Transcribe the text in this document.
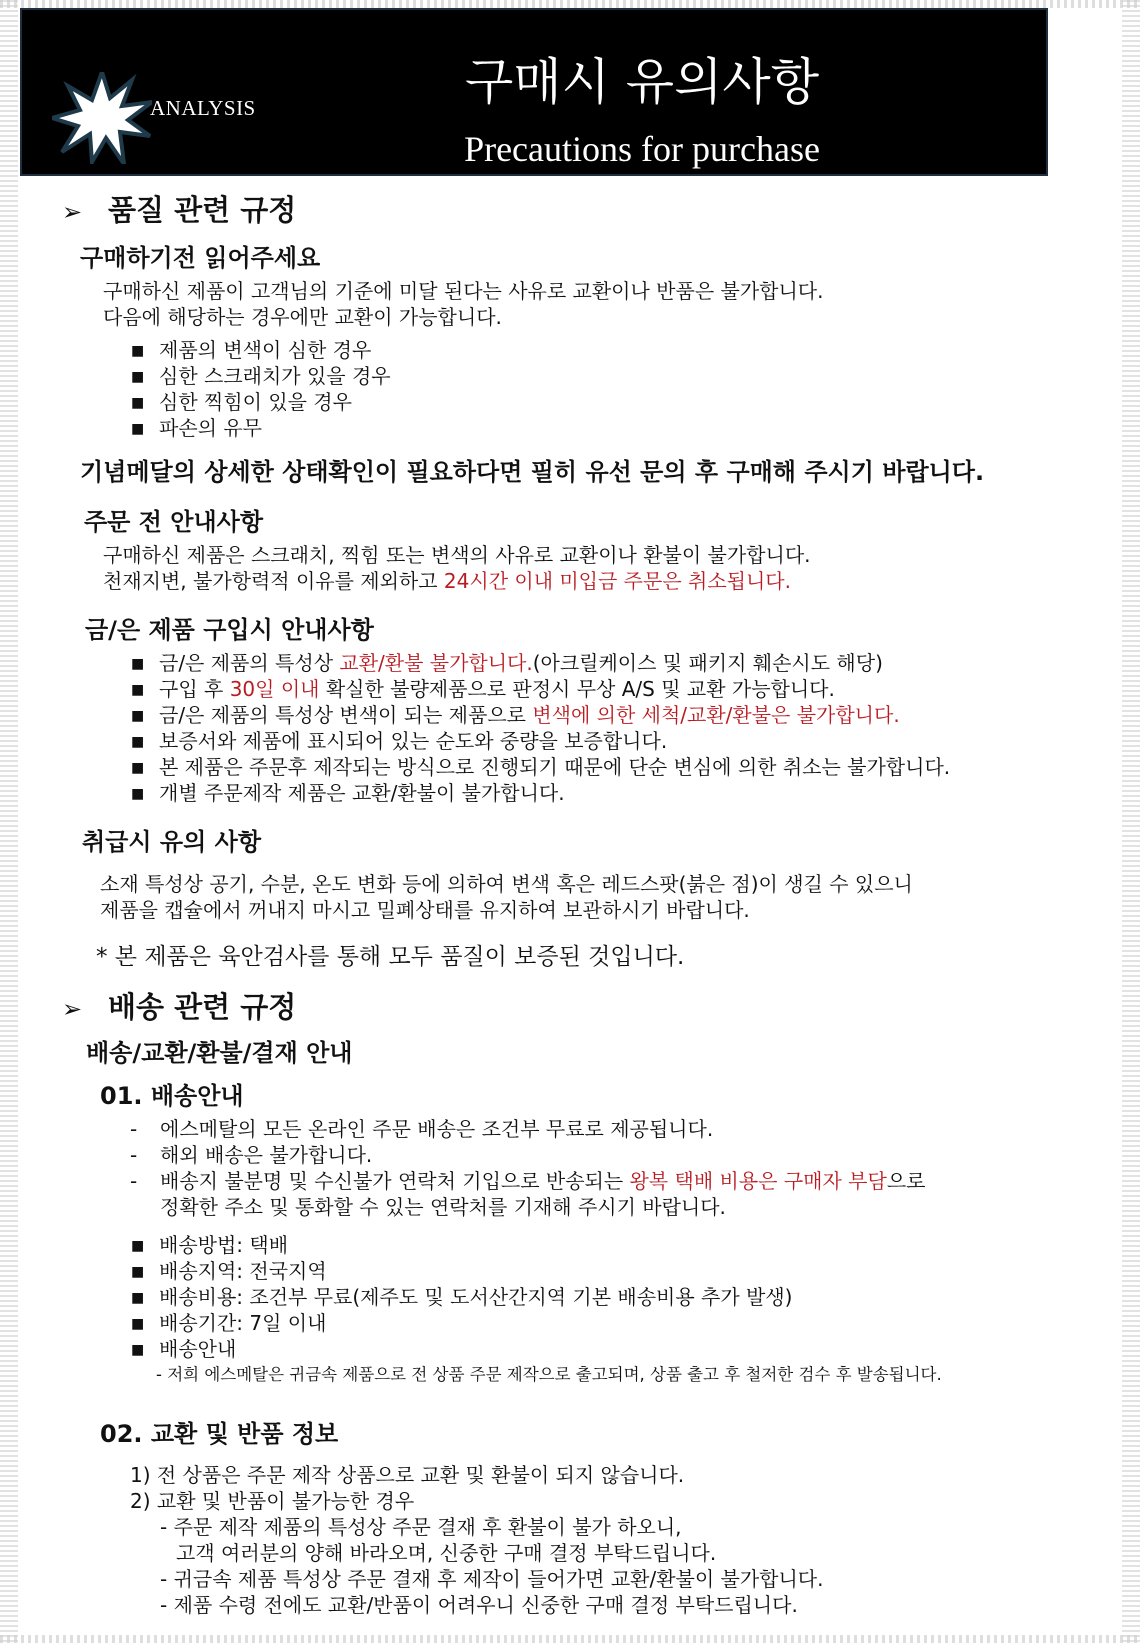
ANALYSIS	구매시 유의사항
Precautions for purchase
➢ 품질 관련 규정
구매하기전 읽어주세요
구매하신 제품이 고객님의 기준에 미달 된다는 사유로 교환이나 반품은 불가합니다.
다음에 해당하는 경우에만 교환이 가능합니다.
■ 제품의 변색이 심한 경우
■ 심한 스크래치가 있을 경우
■ 심한 찍힘이 있을 경우
■ 파손의 유무
기념메달의 상세한 상태확인이 필요하다면 필히 유선 문의 후 구매해 주시기 바랍니다.
주문 전 안내사항
구매하신 제품은 스크래치, 찍힘 또는 변색의 사유로 교환이나 환불이 불가합니다.
천재지변, 불가항력적 이유를 제외하고 24시간 이내 미입금 주문은 취소됩니다.
금/은 제품 구입시 안내사항
■ 금/은 제품의 특성상 교환/환불 불가합니다.(아크릴케이스 및 패키지 훼손시도 해당)
■ 구입 후 30일 이내 확실한 불량제품으로 판정시 무상 A/S 및 교환 가능합니다.
■ 금/은 제품의 특성상 변색이 되는 제품으로 변색에 의한 세척/교환/환불은 불가합니다.
■ 보증서와 제품에 표시되어 있는 순도와 중량을 보증합니다.
■ 본 제품은 주문후 제작되는 방식으로 진행되기 때문에 단순 변심에 의한 취소는 불가합니다.
■ 개별 주문제작 제품은 교환/환불이 불가합니다.
취급시 유의 사항
소재 특성상 공기, 수분, 온도 변화 등에 의하여 변색 혹은 레드스팟(붉은 점)이 생길 수 있으니
제품을 캡슐에서 꺼내지 마시고 밀폐상태를 유지하여 보관하시기 바랍니다.
* 본 제품은 육안검사를 통해 모두 품질이 보증된 것입니다.
➢ 배송 관련 규정
배송/교환/환불/결재 안내
01. 배송안내
- 에스메탈의 모든 온라인 주문 배송은 조건부 무료로 제공됩니다.
- 해외 배송은 불가합니다.
- 배송지 불분명 및 수신불가 연락처 기입으로 반송되는 왕복 택배 비용은 구매자 부담으로
정확한 주소 및 통화할 수 있는 연락처를 기재해 주시기 바랍니다.
■ 배송방법: 택배
■ 배송지역: 전국지역
■ 배송비용: 조건부 무료(제주도 및 도서산간지역 기본 배송비용 추가 발생)
■ 배송기간: 7일 이내
■ 배송안내
- 저희 에스메탈은 귀금속 제품으로 전 상품 주문 제작으로 출고되며, 상품 출고 후 철저한 검수 후 발송됩니다.
02. 교환 및 반품 정보
1) 전 상품은 주문 제작 상품으로 교환 및 환불이 되지 않습니다.
2) 교환 및 반품이 불가능한 경우
- 주문 제작 제품의 특성상 주문 결재 후 환불이 불가 하오니,
고객 여러분의 양해 바라오며, 신중한 구매 결정 부탁드립니다.
- 귀금속 제품 특성상 주문 결재 후 제작이 들어가면 교환/환불이 불가합니다.
- 제품 수령 전에도 교환/반품이 어려우니 신중한 구매 결정 부탁드립니다.
